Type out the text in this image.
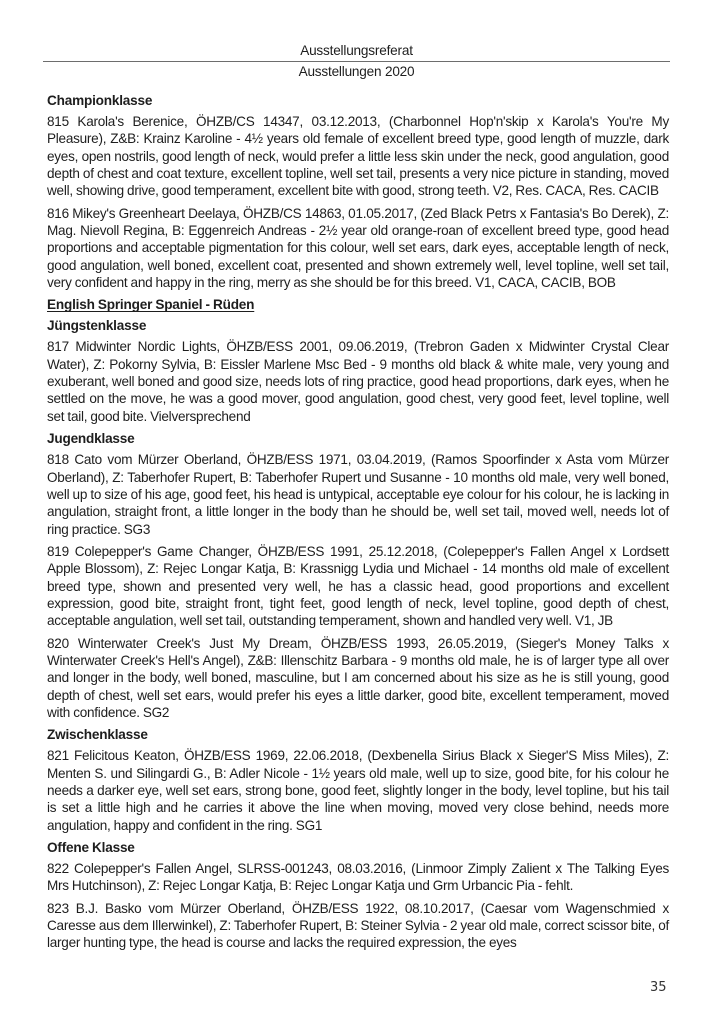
Ausstellungsreferat
Ausstellungen 2020
Championklasse

815 Karola's Berenice, ÖHZB/CS 14347, 03.12.2013, (Charbonnel Hop'n'skip x Karola's You're My Pleasure), Z&B: Krainz Karoline - 4½ years old female of excellent breed type, good length of muzzle, dark eyes, open nostrils, good length of neck, would prefer a little less skin under the neck, good angulation, good depth of chest and coat texture, excellent topline, well set tail, presents a very nice picture in standing, moved well, showing drive, good temperament, excellent bite with good, strong teeth. V2, Res. CACA, Res. CACIB

816 Mikey's Greenheart Deelaya, ÖHZB/CS 14863, 01.05.2017, (Zed Black Petrs x Fantasia's Bo Derek), Z: Mag. Nievoll Regina, B: Eggenreich Andreas - 2½ year old orange-roan of excellent breed type, good head proportions and acceptable pigmentation for this colour, well set ears, dark eyes, acceptable length of neck, good angulation, well boned, excellent coat, presented and shown extremely well, level topline, well set tail, very confident and happy in the ring, merry as she should be for this breed. V1, CACA, CACIB, BOB

English Springer Spaniel - Rüden
Jüngstenklasse

817 Midwinter Nordic Lights, ÖHZB/ESS 2001, 09.06.2019, (Trebron Gaden x Midwinter Crystal Clear Water), Z: Pokorny Sylvia, B: Eissler Marlene Msc Bed - 9 months old black & white male, very young and exuberant, well boned and good size, needs lots of ring practice, good head proportions, dark eyes, when he settled on the move, he was a good mover, good angulation, good chest, very good feet, level topline, well set tail, good bite. Vielversprechend

Jugendklasse

818 Cato vom Mürzer Oberland, ÖHZB/ESS 1971, 03.04.2019, (Ramos Spoorfinder x Asta vom Mürzer Oberland), Z: Taberhofer Rupert, B: Taberhofer Rupert und Susanne - 10 months old male, very well boned, well up to size of his age, good feet, his head is untypical, acceptable eye colour for his colour, he is lacking in angulation, straight front, a little longer in the body than he should be, well set tail, moved well, needs lot of ring practice. SG3

819 Colepepper's Game Changer, ÖHZB/ESS 1991, 25.12.2018, (Colepepper's Fallen Angel x Lordsett Apple Blossom), Z: Rejec Longar Katja, B: Krassnigg Lydia und Michael - 14 months old male of excellent breed type, shown and presented very well, he has a classic head, good proportions and excellent expression, good bite, straight front, tight feet, good length of neck, level topline, good depth of chest, acceptable angulation, well set tail, outstanding temperament, shown and handled very well. V1, JB

820 Winterwater Creek's Just My Dream, ÖHZB/ESS 1993, 26.05.2019, (Sieger's Money Talks x Winterwater Creek's Hell's Angel), Z&B: Illenschitz Barbara - 9 months old male, he is of larger type all over and longer in the body, well boned, masculine, but I am concerned about his size as he is still young, good depth of chest, well set ears, would prefer his eyes a little darker, good bite, excellent temperament, moved with confidence. SG2

Zwischenklasse

821 Felicitous Keaton, ÖHZB/ESS 1969, 22.06.2018, (Dexbenella Sirius Black x Sieger'S Miss Miles), Z: Menten S. und Silingardi G., B: Adler Nicole - 1½ years old male, well up to size, good bite, for his colour he needs a darker eye, well set ears, strong bone, good feet, slightly longer in the body, level topline, but his tail is set a little high and he carries it above the line when moving, moved very close behind, needs more angulation, happy and confident in the ring. SG1

Offene Klasse

822 Colepepper's Fallen Angel, SLRSS-001243, 08.03.2016, (Linmoor Zimply Zalient x The Talking Eyes Mrs Hutchinson), Z: Rejec Longar Katja, B: Rejec Longar Katja und Grm Urbancic Pia - fehlt.

823 B.J. Basko vom Mürzer Oberland, ÖHZB/ESS 1922, 08.10.2017, (Caesar vom Wagenschmied x Caresse aus dem Illerwinkel), Z: Taberhofer Rupert, B: Steiner Sylvia - 2 year old male, correct scissor bite, of larger hunting type, the head is course and lacks the required expression, the eyes

35
